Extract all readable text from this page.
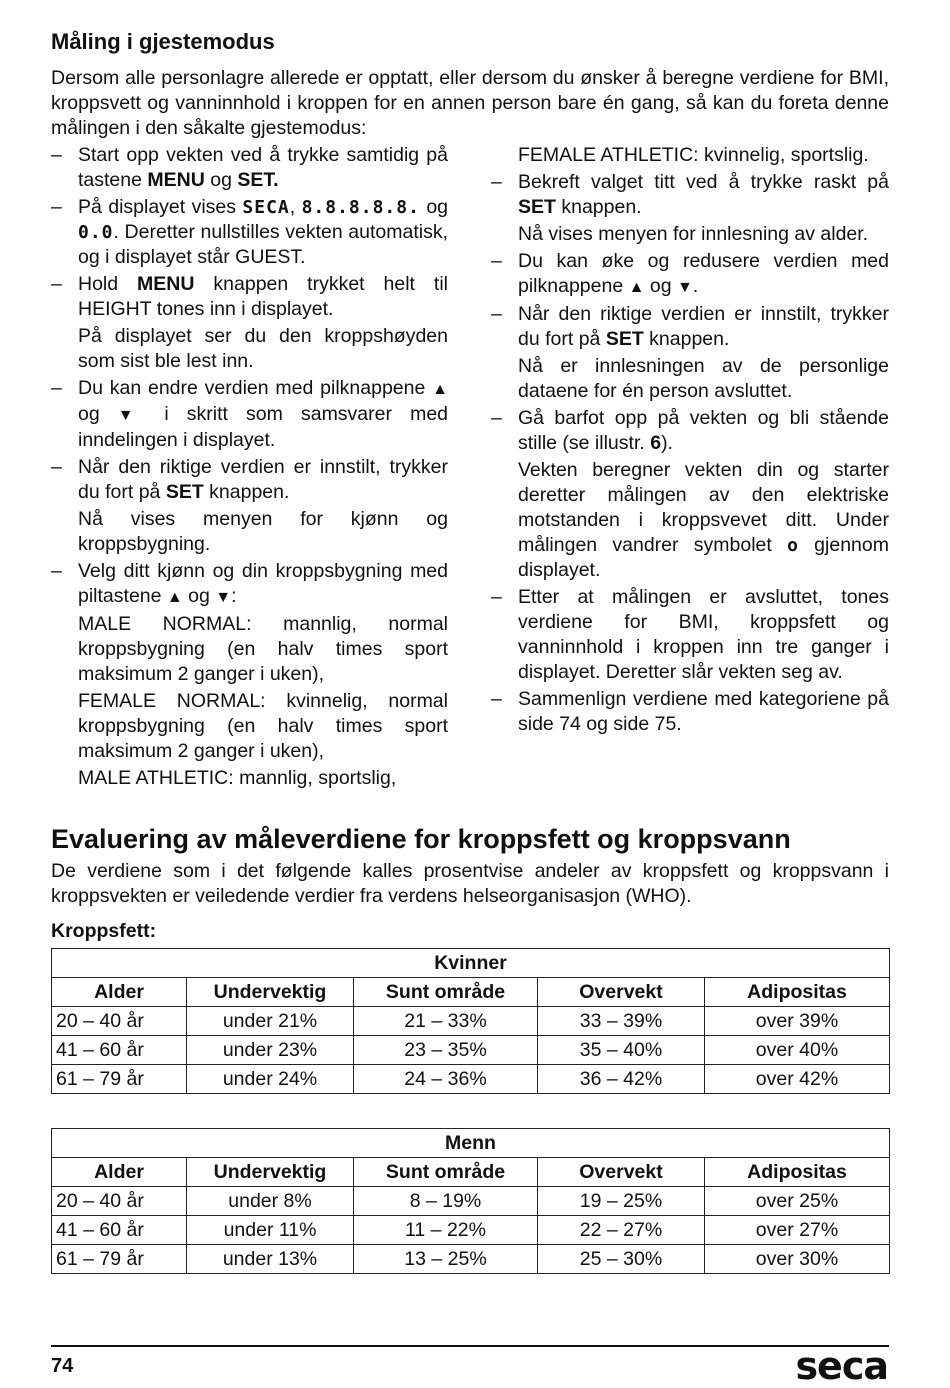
Måling i gjestemodus

Dersom alle personlagre allerede er opptatt, eller dersom du ønsker å beregne verdiene for BMI, kroppsvett og vanninnhold i kroppen for en annen person bare én gang, så kan du foreta denne målingen i den såkalte gjestemodus:

– Start opp vekten ved å trykke samtidig på tastene MENU og SET.
– På displayet vises SECA, 8.8.8.8.8. og 0.0. Deretter nullstilles vekten automatisk, og i displayet står GUEST.
– Hold MENU knappen trykket helt til HEIGHT tones inn i displayet.

På displayet ser du den kroppshøyden som sist ble lest inn.

– Du kan endre verdien med pilknappene ▲ og ▼ i skritt som samsvarer med inndelingen i displayet.
– Når den riktige verdien er innstilt, trykker du fort på SET knappen.

Nå vises menyen for kjønn og kroppsbygning.

– Velg ditt kjønn og din kroppsbygning med piltastene ▲ og ▼:

MALE NORMAL: mannlig, normal kroppsbygning (en halv times sport maksimum 2 ganger i uken),

FEMALE NORMAL: kvinnelig, normal kroppsbygning (en halv times sport maksimum 2 ganger i uken),

MALE ATHLETIC: mannlig, sportslig,

FEMALE ATHLETIC: kvinnelig, sportslig.

– Bekreft valget titt ved å trykke raskt på SET knappen.

Nå vises menyen for innlesning av alder.

– Du kan øke og redusere verdien med pilknappene ▲ og ▼.
– Når den riktige verdien er innstilt, trykker du fort på SET knappen.

Nå er innlesningen av de personlige dataene for én person avsluttet.

– Gå barfot opp på vekten og bli stående stille (se illustr. 6).

Vekten beregner vekten din og starter deretter målingen av den elektriske motstanden i kroppsvevet ditt. Under målingen vandrer symbolet o gjennom displayet.

– Etter at målingen er avsluttet, tones verdiene for BMI, kroppsfett og vanninnhold i kroppen inn tre ganger i displayet. Deretter slår vekten seg av.
– Sammenlign verdiene med kategoriene på side 74 og side 75.
Evaluering av måleverdiene for kroppsfett og kroppsvann

De verdiene som i det følgende kalles prosentvise andeler av kroppsfett og kroppsvann i kroppsvekten er veiledende verdier fra verdens helseorganisasjon (WHO).

Kroppsfett:
Kvinner				
Alder	Undervektig	Sunt område	Overvekt	Adipositas
20 – 40 år	under 21%	21 – 33%	33 – 39%	over 39%
41 – 60 år	under 23%	23 – 35%	35 – 40%	over 40%
61 – 79 år	under 24%	24 – 36%	36 – 42%	over 42%
Menn				
Alder	Undervektig	Sunt område	Overvekt	Adipositas
20 – 40 år	under 8%	8 – 19%	19 – 25%	over 25%
41 – 60 år	under 11%	11 – 22%	22 – 27%	over 27%
61 – 79 år	under 13%	13 – 25%	25 – 30%	over 30%
74	seca
